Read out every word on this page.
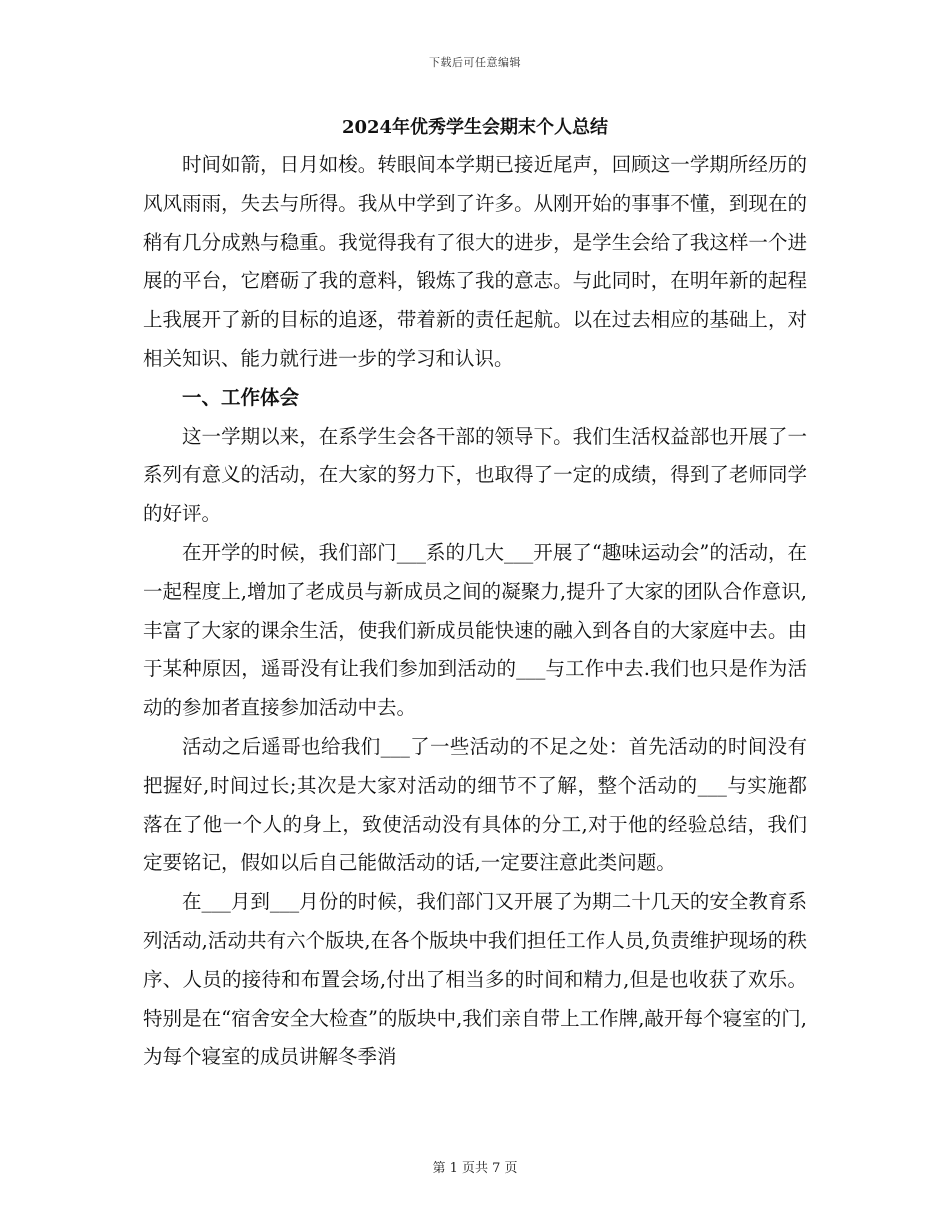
下载后可任意编辑
2024年优秀学生会期末个人总结

时间如箭，日月如梭。转眼间本学期已接近尾声，回顾这一学期所经历的风风雨雨，失去与所得。我从中学到了许多。从刚开始的事事不懂，到现在的稍有几分成熟与稳重。我觉得我有了很大的进步，是学生会给了我这样一个进展的平台，它磨砺了我的意料，锻炼了我的意志。与此同时，在明年新的起程上我展开了新的目标的追逐，带着新的责任起航。以在过去相应的基础上，对相关知识、能力就行进一步的学习和认识。

一、工作体会

这一学期以来，在系学生会各干部的领导下。我们生活权益部也开展了一系列有意义的活动，在大家的努力下，也取得了一定的成绩，得到了老师同学的好评。

在开学的时候，我们部门___系的几大___开展了“趣味运动会”的活动，在一起程度上,增加了老成员与新成员之间的凝聚力,提升了大家的团队合作意识,丰富了大家的课余生活，使我们新成员能快速的融入到各自的大家庭中去。由于某种原因，遥哥没有让我们参加到活动的___与工作中去.我们也只是作为活动的参加者直接参加活动中去。

活动之后遥哥也给我们___了一些活动的不足之处：首先活动的时间没有把握好,时间过长;其次是大家对活动的细节不了解，整个活动的___与实施都落在了他一个人的身上，致使活动没有具体的分工,对于他的经验总结，我们定要铭记，假如以后自己能做活动的话,一定要注意此类问题。

在___月到___月份的时候，我们部门又开展了为期二十几天的安全教育系列活动,活动共有六个版块,在各个版块中我们担任工作人员,负责维护现场的秩序、人员的接待和布置会场,付出了相当多的时间和精力,但是也收获了欢乐。特别是在“宿舍安全大检查”的版块中,我们亲自带上工作牌,敲开每个寝室的门,为每个寝室的成员讲解冬季消

第 1 页共 7 页
